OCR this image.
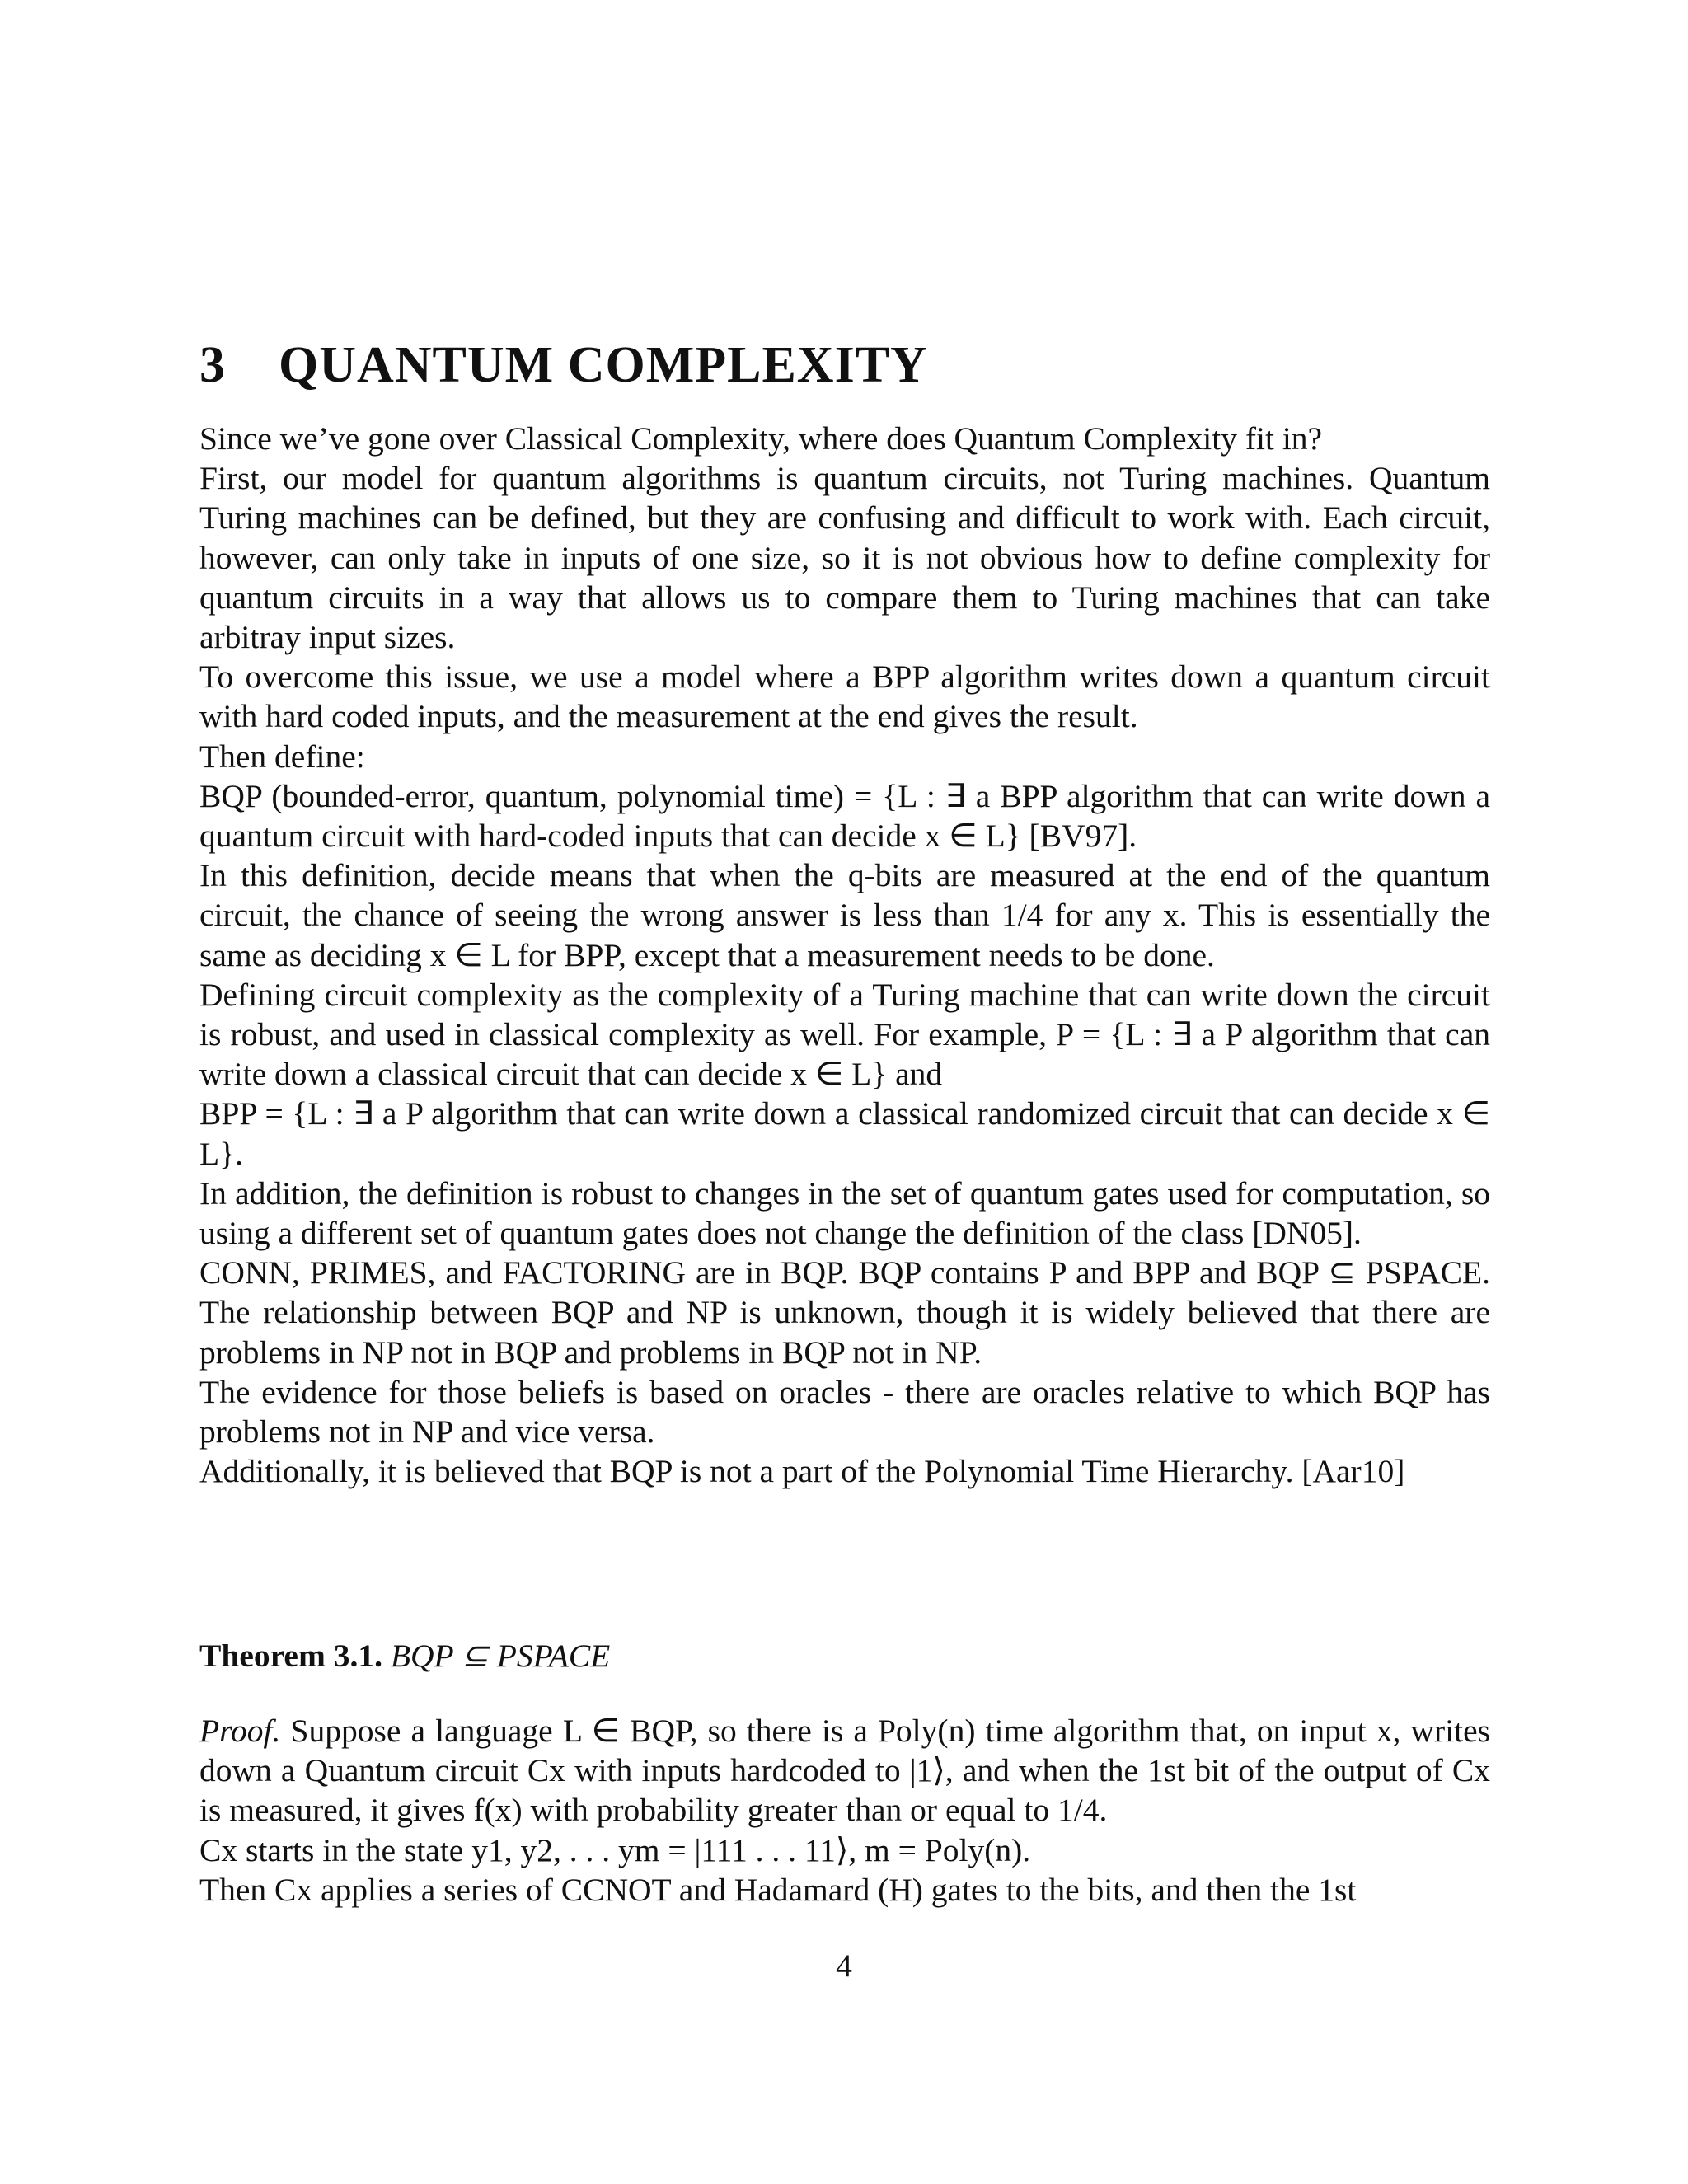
3 QUANTUM COMPLEXITY

Since we’ve gone over Classical Complexity, where does Quantum Complexity fit in?

First, our model for quantum algorithms is quantum circuits, not Turing machines. Quantum Turing machines can be defined, but they are confusing and difficult to work with. Each circuit, however, can only take in inputs of one size, so it is not obvious how to define complexity for quantum circuits in a way that allows us to compare them to Turing machines that can take arbitray input sizes.

To overcome this issue, we use a model where a BPP algorithm writes down a quantum circuit with hard coded inputs, and the measurement at the end gives the result.

Then define:

BQP (bounded-error, quantum, polynomial time) = {L : ∃ a BPP algorithm that can write down a quantum circuit with hard-coded inputs that can decide x ∈ L} [BV97].

In this definition, decide means that when the q-bits are measured at the end of the quantum circuit, the chance of seeing the wrong answer is less than 1/4 for any x. This is essentially the same as deciding x ∈ L for BPP, except that a measurement needs to be done.

Defining circuit complexity as the complexity of a Turing machine that can write down the circuit is robust, and used in classical complexity as well. For example, P = {L : ∃ a P algorithm that can write down a classical circuit that can decide x ∈ L} and

BPP = {L : ∃ a P algorithm that can write down a classical randomized circuit that can decide x ∈ L}.

In addition, the definition is robust to changes in the set of quantum gates used for computation, so using a different set of quantum gates does not change the definition of the class [DN05].

CONN, PRIMES, and FACTORING are in BQP. BQP contains P and BPP and BQP ⊆ PSPACE. The relationship between BQP and NP is unknown, though it is widely believed that there are problems in NP not in BQP and problems in BQP not in NP.

The evidence for those beliefs is based on oracles - there are oracles relative to which BQP has problems not in NP and vice versa.

Additionally, it is believed that BQP is not a part of the Polynomial Time Hierarchy. [Aar10]

Theorem 3.1. BQP ⊆ PSPACE

Proof. Suppose a language L ∈ BQP, so there is a Poly(n) time algorithm that, on input x, writes down a Quantum circuit Cx with inputs hardcoded to |1⟩, and when the 1st bit of the output of Cx is measured, it gives f(x) with probability greater than or equal to 1/4.

Cx starts in the state y1, y2, . . . ym = |111 . . . 11⟩, m = Poly(n).

Then Cx applies a series of CCNOT and Hadamard (H) gates to the bits, and then the 1st

4
